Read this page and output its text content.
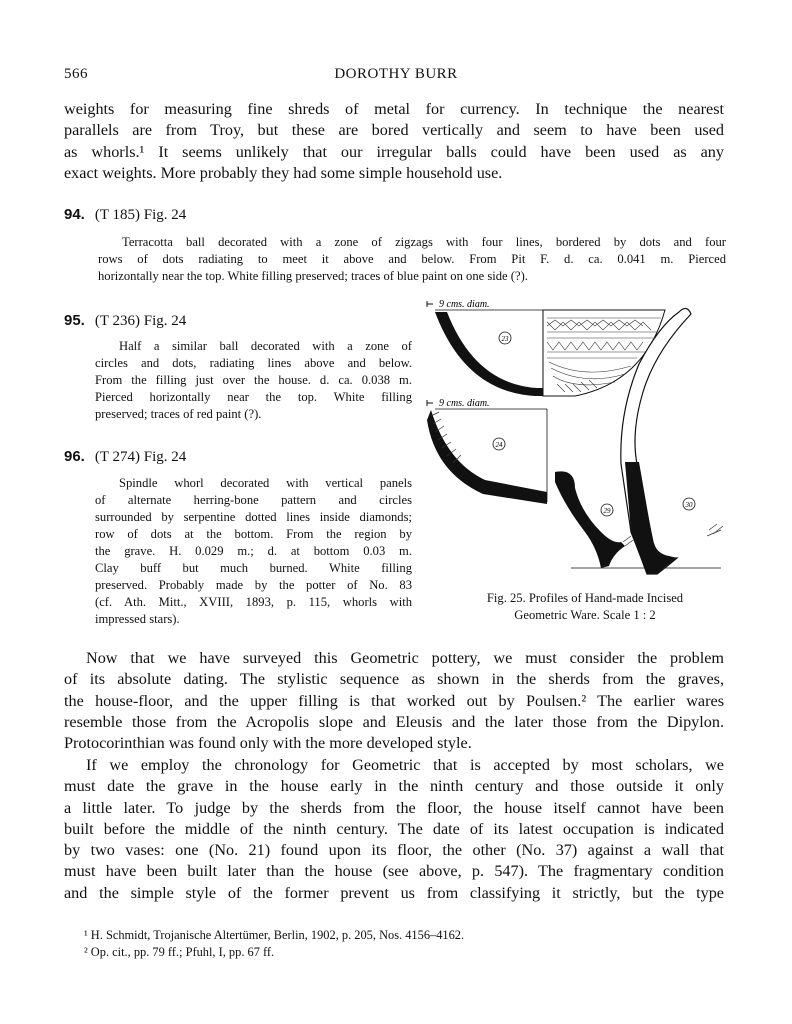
566	DOROTHY BURR
weights for measuring fine shreds of metal for currency. In technique the nearest
parallels are from Troy, but these are bored vertically and seem to have been used
as whorls.¹ It seems unlikely that our irregular balls could have been used as any
exact weights. More probably they had some simple household use.
94. (T 185) Fig. 24
Terracotta ball decorated with a zone of zigzags with four lines, bordered by dots and four
rows of dots radiating to meet it above and below. From Pit F. d. ca. 0.041 m. Pierced
horizontally near the top. White filling preserved; traces of blue paint on one side (?).
95. (T 236) Fig. 24
Half a similar ball decorated with a zone of
circles and dots, radiating lines above and below.
From the filling just over the house. d. ca. 0.038 m.
Pierced horizontally near the top. White filling
preserved; traces of red paint (?).
96. (T 274) Fig. 24
Spindle whorl decorated with vertical panels
of alternate herring-bone pattern and circles
surrounded by serpentine dotted lines inside diamonds;
row of dots at the bottom. From the region by
the grave. H. 0.029 m.; d. at bottom 0.03 m.
Clay buff but much burned. White filling
preserved. Probably made by the potter of No. 83
(cf. Ath. Mitt., XVIII, 1893, p. 115, whorls with
impressed stars).
9 cms. diam.
23
9 cms. diam.
24
29
30
Fig. 25. Profiles of Hand-made Incised
Geometric Ware. Scale 1 : 2
Now that we have surveyed this Geometric pottery, we must consider the problem
of its absolute dating. The stylistic sequence as shown in the sherds from the graves,
the house-floor, and the upper filling is that worked out by Poulsen.² The earlier wares
resemble those from the Acropolis slope and Eleusis and the later those from the Dipylon.
Protocorinthian was found only with the more developed style.
If we employ the chronology for Geometric that is accepted by most scholars, we
must date the grave in the house early in the ninth century and those outside it only
a little later. To judge by the sherds from the floor, the house itself cannot have been
built before the middle of the ninth century. The date of its latest occupation is indicated
by two vases: one (No. 21) found upon its floor, the other (No. 37) against a wall that
must have been built later than the house (see above, p. 547). The fragmentary condition
and the simple style of the former prevent us from classifying it strictly, but the type
¹ H. Schmidt, Trojanische Altertümer, Berlin, 1902, p. 205, Nos. 4156–4162.
² Op. cit., pp. 79 ff.; Pfuhl, I, pp. 67 ff.
